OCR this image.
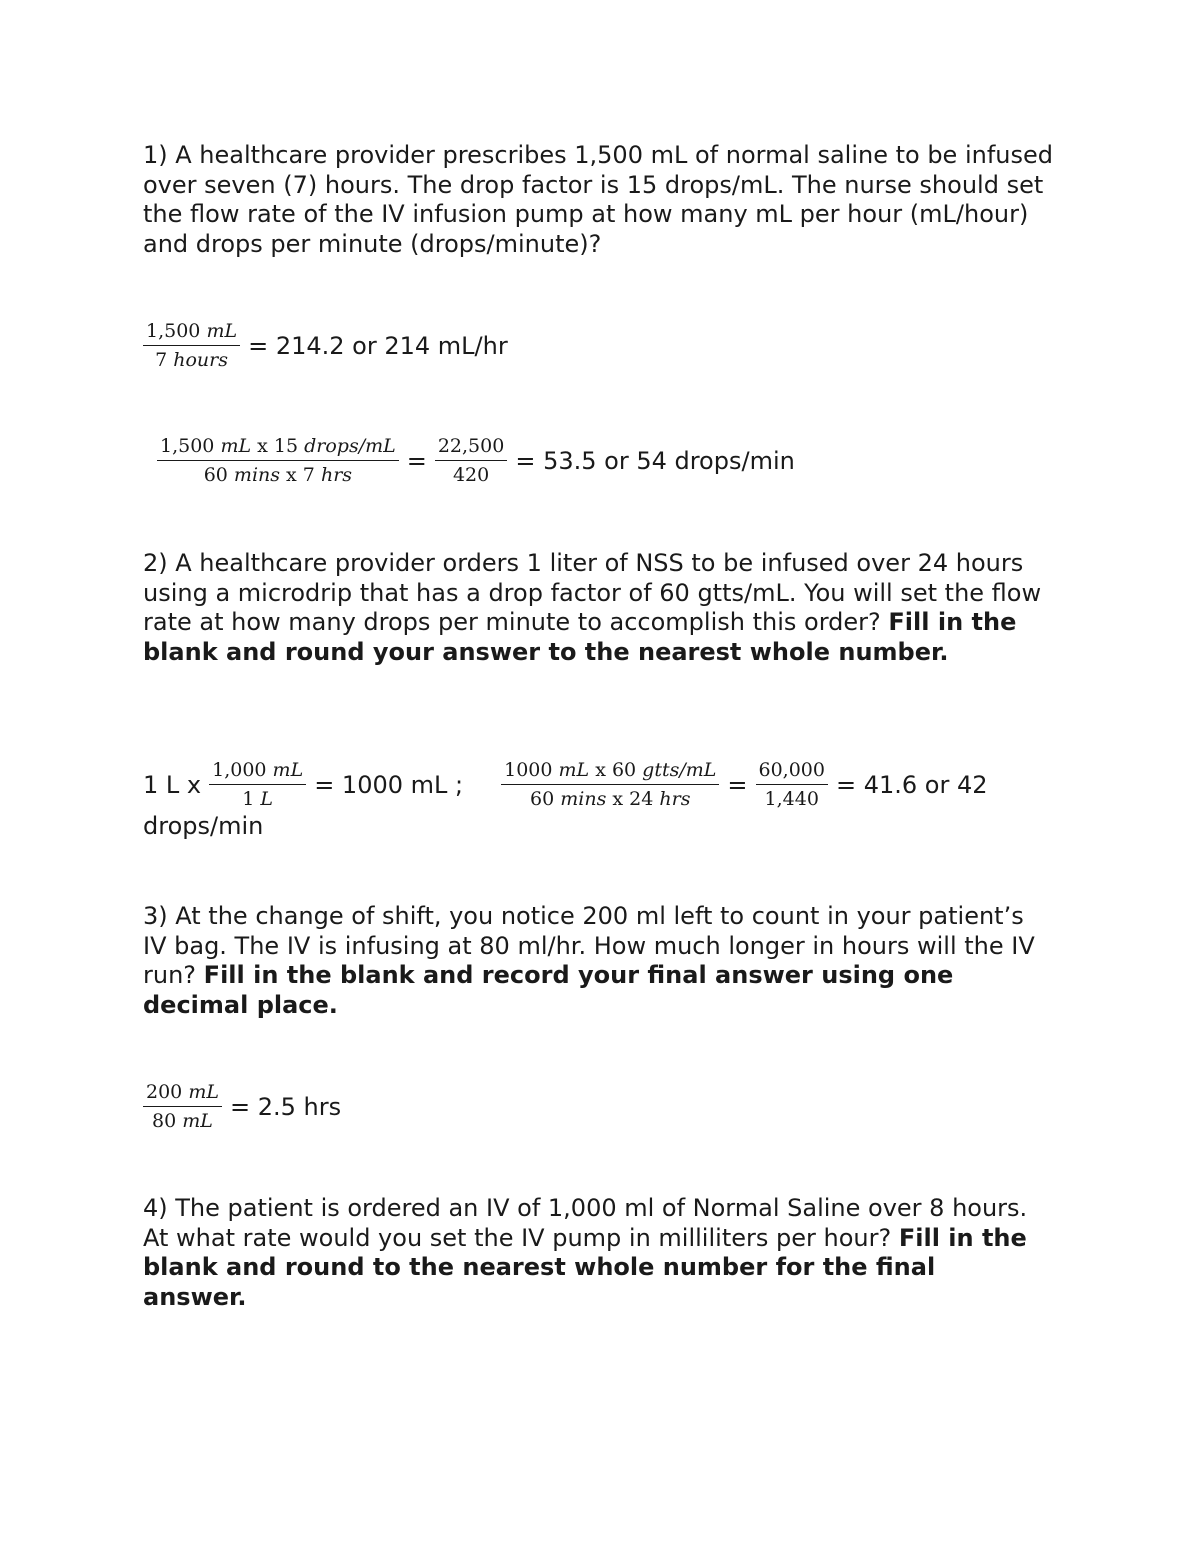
1) A healthcare provider prescribes 1,500 mL of normal saline to be infused over seven (7) hours. The drop factor is 15 drops/mL. The nurse should set the flow rate of the IV infusion pump at how many mL per hour (mL/hour) and drops per minute (drops/minute)?

$\frac{1,500 mL}{\text{7 hours}} = 214.2$ or 214 mL/hr
$\frac{\text{1,500 mL x 15 drops/mL}}{\text{60 mins x 7 hrs}} = \frac{22,500}{420} = 53.5$ or 54 drops/min

2) A healthcare provider orders 1 liter of NSS to be infused over 24 hours using a microdrip that has a drop factor of 60 gtts/mL. You will set the flow rate at how many drops per minute to accomplish this order? Fill in the blank and round your answer to the nearest whole number.

1 L x $\frac{1,000 mL}{1 L} = 1000$ mL ; $\frac{\text{1000 mL x 60 gtts/mL}}{\text{60 mins x 24 hrs}} = \frac{60,000}{1,440} = 41.6$ or 42
drops/min

3) At the change of shift, you notice 200 ml left to count in your patient’s IV bag. The IV is infusing at 80 ml/hr. How much longer in hours will the IV run? Fill in the blank and record your final answer using one decimal place.

$\frac{200 mL}{80 mL} = 2.5$ hrs

4) The patient is ordered an IV of 1,000 ml of Normal Saline over 8 hours. At what rate would you set the IV pump in milliliters per hour? Fill in the blank and round to the nearest whole number for the final answer.
